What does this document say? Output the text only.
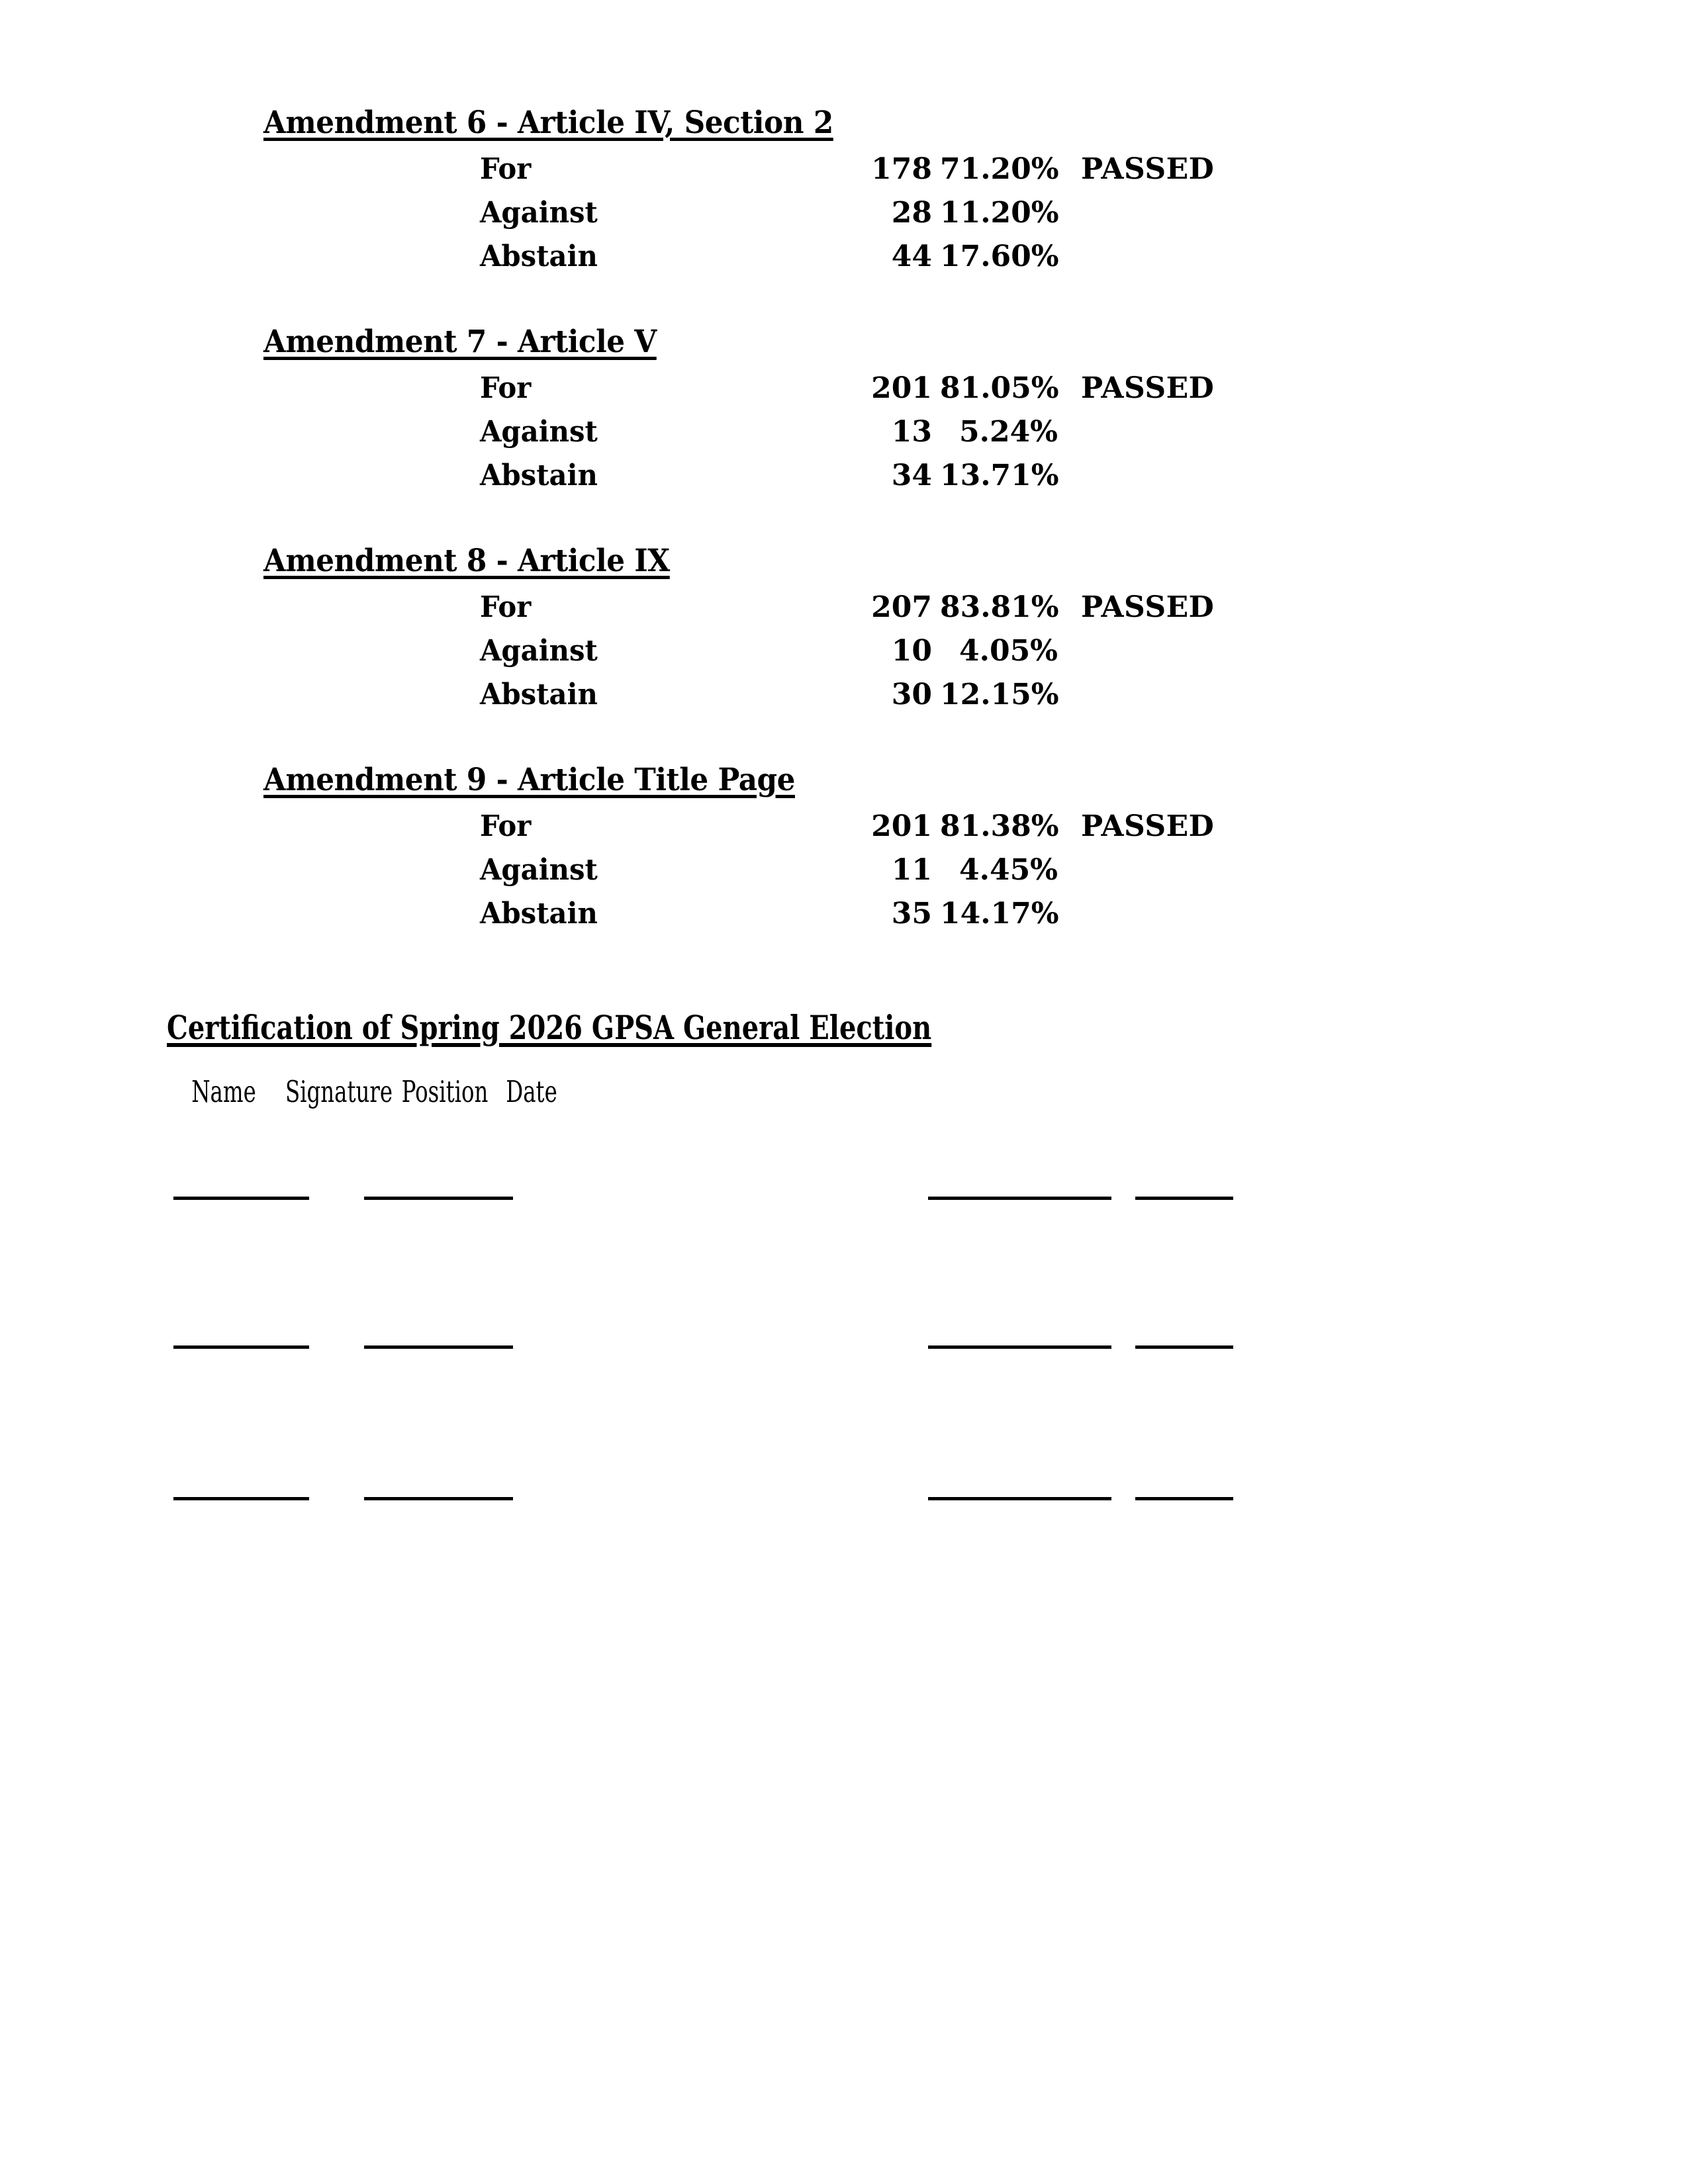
Amendment 6 - Article IV, Section 2
For	178 71.20% PASSED
Against	28 11.20%
Abstain	44 17.60%
Amendment 7 - Article V
For	201 81.05% PASSED
Against	13 5.24%
Abstain	34 13.71%
Amendment 8 - Article IX
For	207 83.81% PASSED
Against	10 4.05%
Abstain	30 12.15%
Amendment 9 - Article Title Page
For	201 81.38% PASSED
Against	11 4.45%
Abstain	35 14.17%
Certification of Spring 2026 GPSA General Election
Name Signature Position Date
